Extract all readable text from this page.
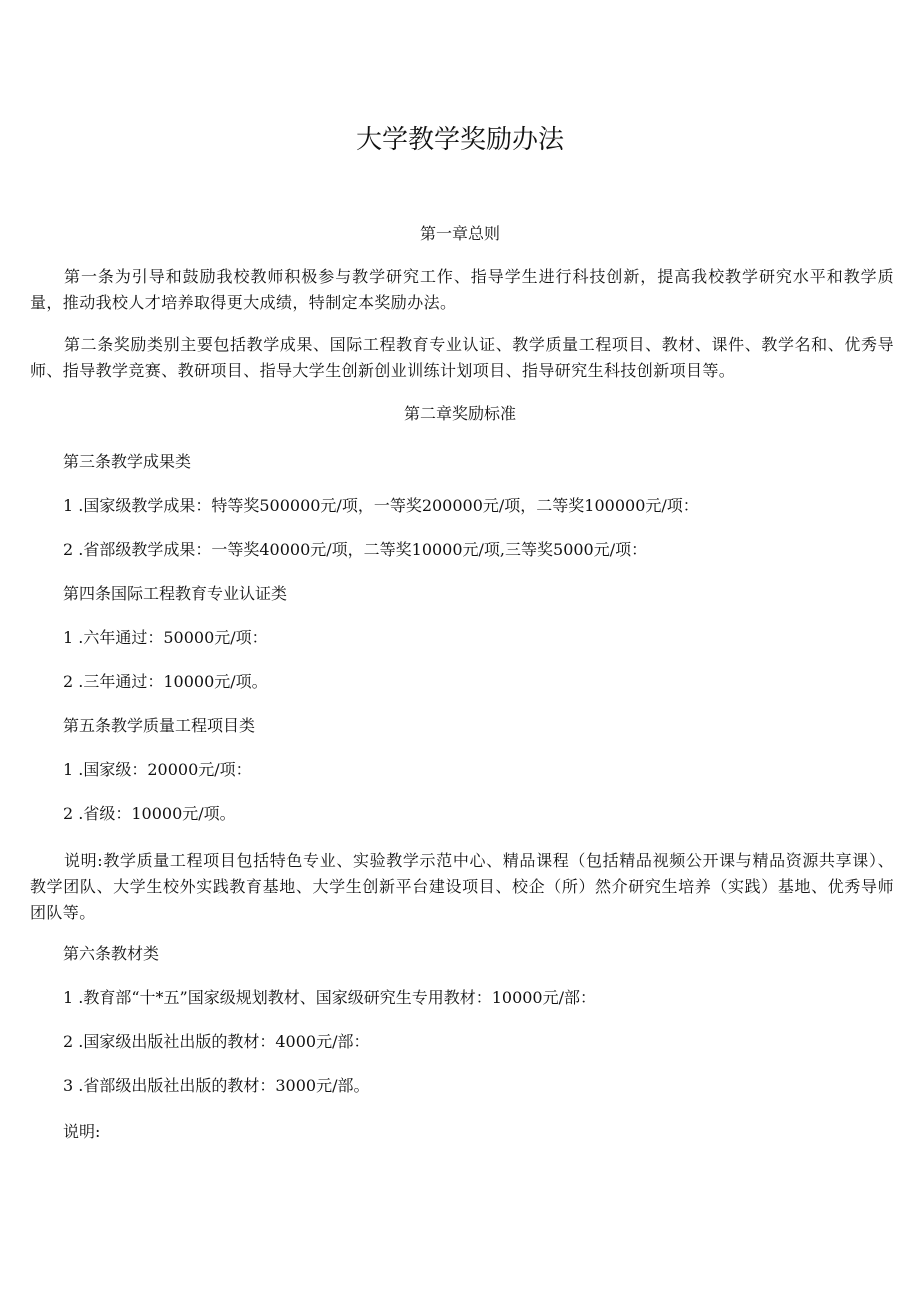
大学教学奖励办法

第一章总则

第一条为引导和鼓励我校教师积极参与教学研究工作、指导学生进行科技创新，提高我校教学研究水平和教学质量，推动我校人才培养取得更大成绩，特制定本奖励办法。

第二条奖励类别主要包括教学成果、国际工程教育专业认证、教学质量工程项目、教材、课件、教学名和、优秀导师、指导教学竞赛、教研项目、指导大学生创新创业训练计划项目、指导研究生科技创新项目等。

第二章奖励标准

第三条教学成果类

1 .国家级教学成果：特等奖500000元/项，一等奖200000元/项，二等奖100000元/项：

2 .省部级教学成果：一等奖40000元/项，二等奖10000元/项,三等奖5000元/项：

第四条国际工程教育专业认证类

1 .六年通过：50000元/项：

2 .三年通过：10000元/项。

第五条教学质量工程项目类

1 .国家级：20000元/项：

2 .省级：10000元/项。

说明:教学质量工程项目包括特色专业、实验教学示范中心、精品课程（包括精品视频公开课与精品资源共享课）、教学团队、大学生校外实践教育基地、大学生创新平台建设项目、校企（所）然介研究生培养（实践）基地、优秀导师团队等。

第六条教材类

1 .教育部“十*五”国家级规划教材、国家级研究生专用教材：10000元/部：

2 .国家级出版社出版的教材：4000元/部：

3 .省部级出版社出版的教材：3000元/部。

说明:
